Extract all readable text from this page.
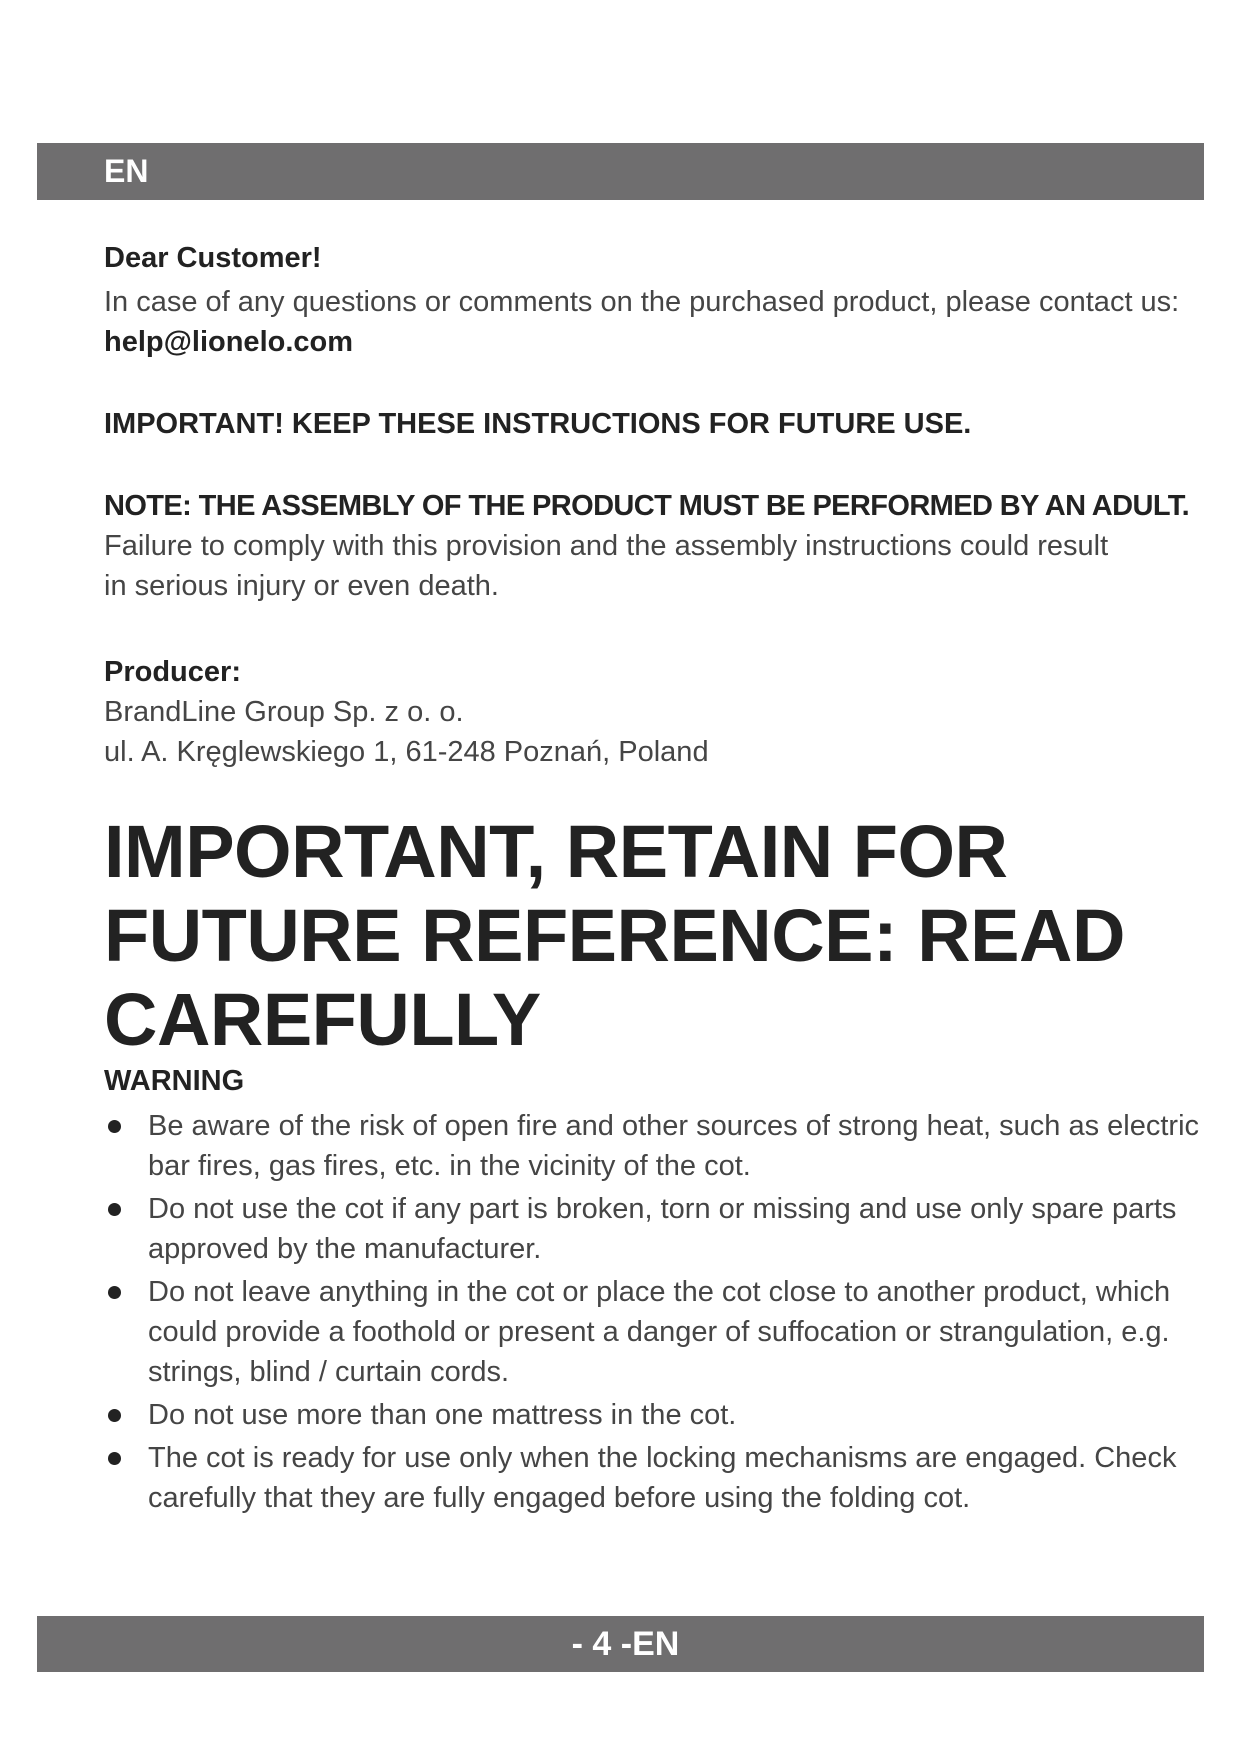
EN
Dear Customer!
In case of any questions or comments on the purchased product, please contact us:
help@lionelo.com
IMPORTANT! KEEP THESE INSTRUCTIONS FOR FUTURE USE.
NOTE: THE ASSEMBLY OF THE PRODUCT MUST BE PERFORMED BY AN ADULT.
Failure to comply with this provision and the assembly instructions could result
in serious injury or even death.
Producer:
BrandLine Group Sp. z o. o.
ul. A. Kręglewskiego 1, 61-248 Poznań, Poland
IMPORTANT, RETAIN FOR FUTURE REFERENCE: READ CAREFULLY
WARNING
Be aware of the risk of open fire and other sources of strong heat, such as electric bar fires, gas fires, etc. in the vicinity of the cot.
Do not use the cot if any part is broken, torn or missing and use only spare parts approved by the manufacturer.
Do not leave anything in the cot or place the cot close to another product, which could provide a foothold or present a danger of suffocation or strangulation, e.g. strings, blind / curtain cords.
Do not use more than one mattress in the cot.
The cot is ready for use only when the locking mechanisms are engaged. Check carefully that they are fully engaged before using the folding cot.
- 4 -EN
